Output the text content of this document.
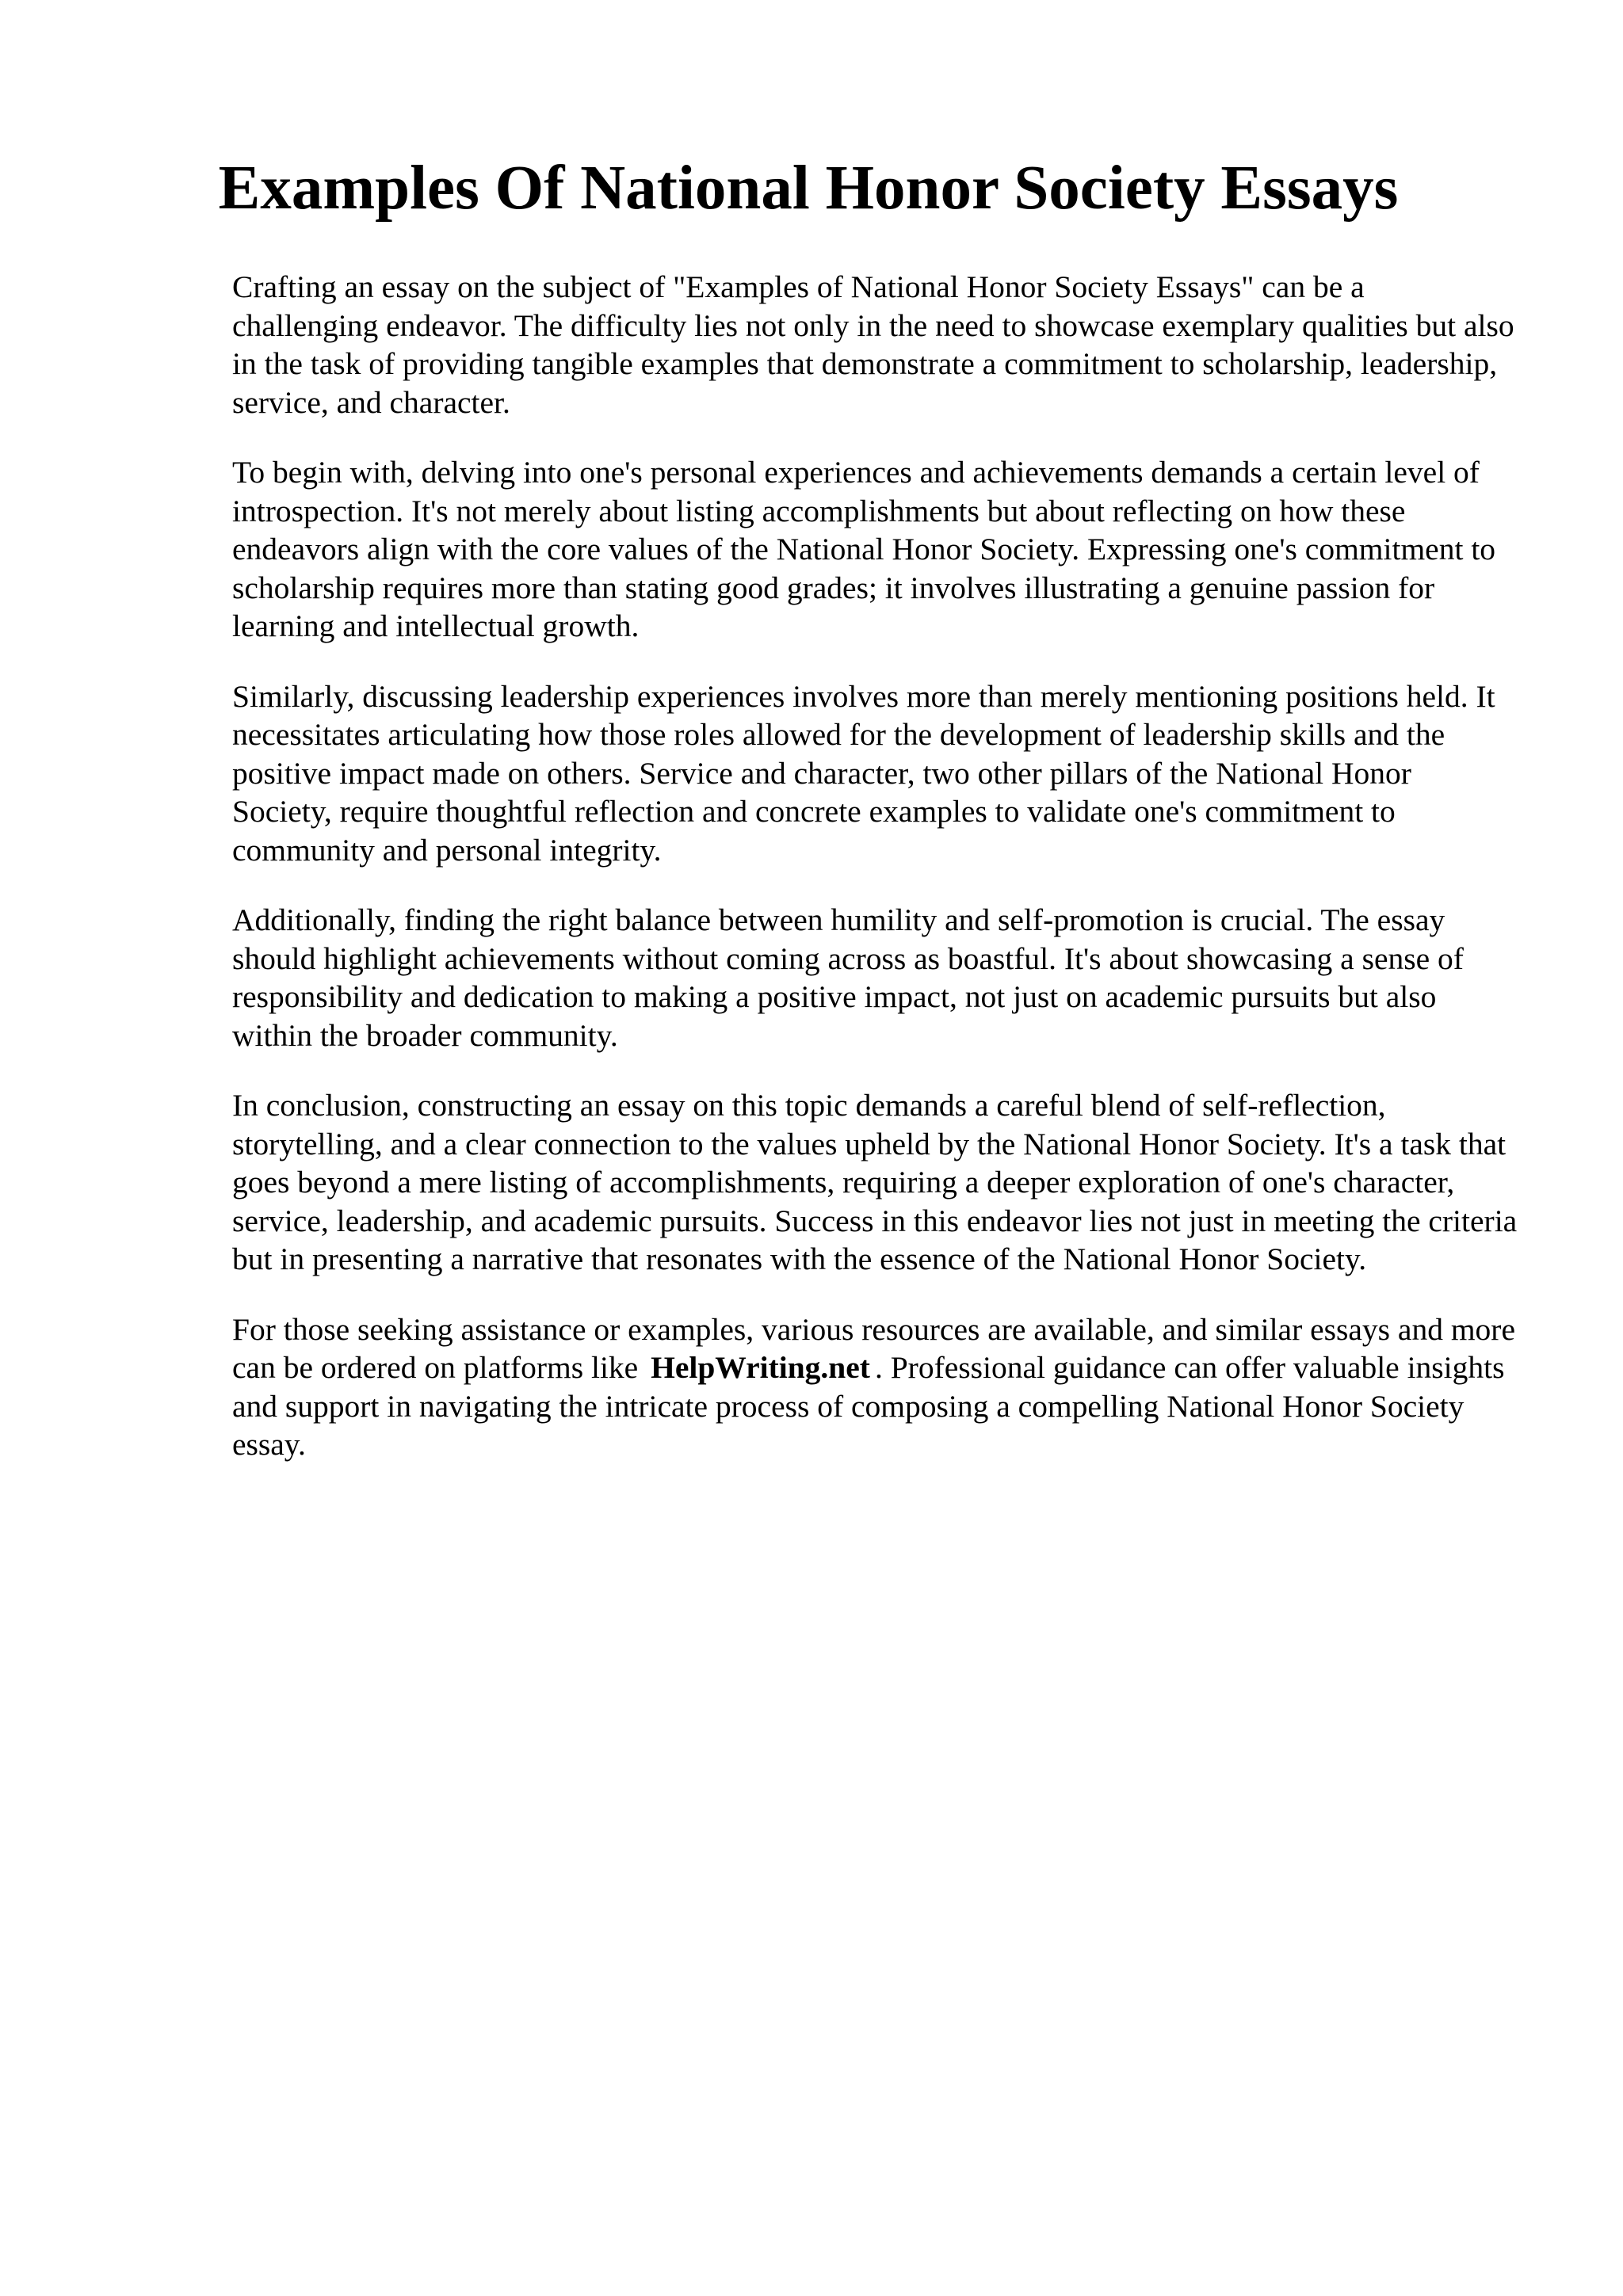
Examples Of National Honor Society Essays

Crafting an essay on the subject of "Examples of National Honor Society Essays" can be a challenging endeavor. The difficulty lies not only in the need to showcase exemplary qualities but also in the task of providing tangible examples that demonstrate a commitment to scholarship, leadership, service, and character.

To begin with, delving into one's personal experiences and achievements demands a certain level of introspection. It's not merely about listing accomplishments but about reflecting on how these endeavors align with the core values of the National Honor Society. Expressing one's commitment to scholarship requires more than stating good grades; it involves illustrating a genuine passion for learning and intellectual growth.

Similarly, discussing leadership experiences involves more than merely mentioning positions held. It necessitates articulating how those roles allowed for the development of leadership skills and the positive impact made on others. Service and character, two other pillars of the National Honor Society, require thoughtful reflection and concrete examples to validate one's commitment to community and personal integrity.

Additionally, finding the right balance between humility and self-promotion is crucial. The essay should highlight achievements without coming across as boastful. It's about showcasing a sense of responsibility and dedication to making a positive impact, not just on academic pursuits but also within the broader community.

In conclusion, constructing an essay on this topic demands a careful blend of self-reflection, storytelling, and a clear connection to the values upheld by the National Honor Society. It's a task that goes beyond a mere listing of accomplishments, requiring a deeper exploration of one's character, service, leadership, and academic pursuits. Success in this endeavor lies not just in meeting the criteria but in presenting a narrative that resonates with the essence of the National Honor Society.

For those seeking assistance or examples, various resources are available, and similar essays and more can be ordered on platforms like HelpWriting.net . Professional guidance can offer valuable insights and support in navigating the intricate process of composing a compelling National Honor Society essay.
